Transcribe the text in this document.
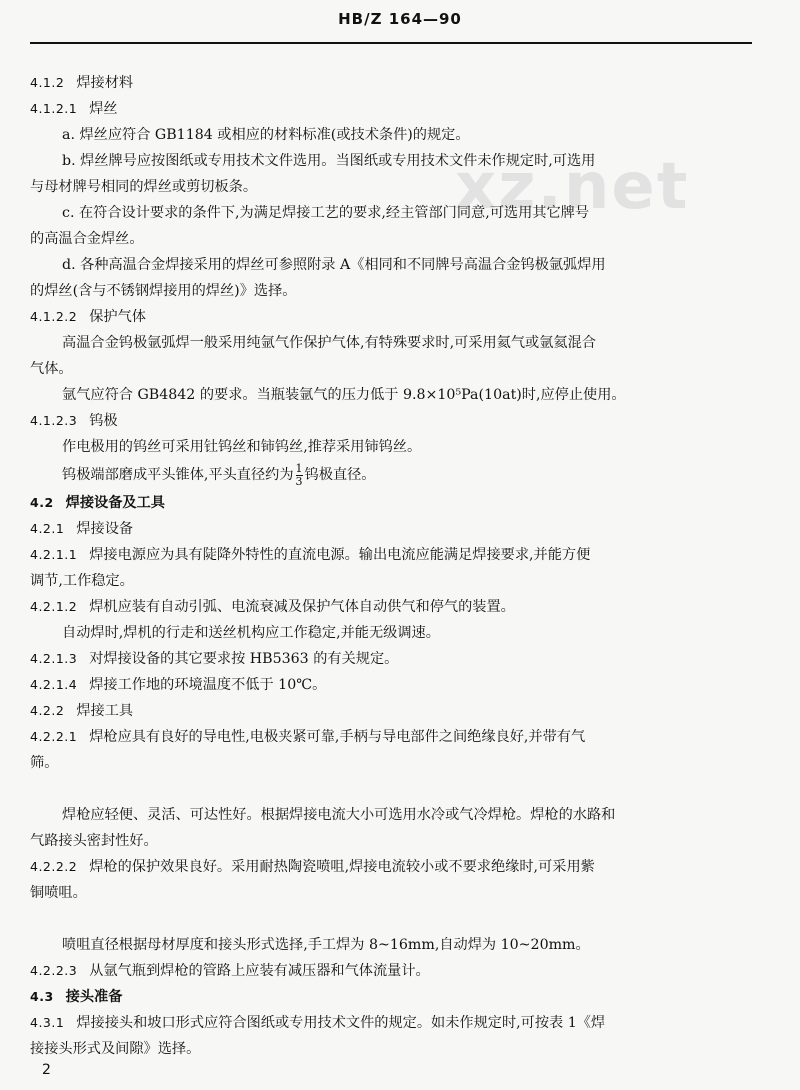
HB/Z 164—90
xz.net
4.1.2 焊接材料
4.1.2.1 焊丝
a. 焊丝应符合 GB1184 或相应的材料标准(或技术条件)的规定。
b. 焊丝牌号应按图纸或专用技术文件选用。当图纸或专用技术文件未作规定时,可选用
与母材牌号相同的焊丝或剪切板条。
c. 在符合设计要求的条件下,为满足焊接工艺的要求,经主管部门同意,可选用其它牌号
的高温合金焊丝。
d. 各种高温合金焊接采用的焊丝可参照附录 A《相同和不同牌号高温合金钨极氩弧焊用
的焊丝(含与不锈钢焊接用的焊丝)》选择。
4.1.2.2 保护气体
高温合金钨极氩弧焊一般采用纯氩气作保护气体,有特殊要求时,可采用氦气或氩氦混合
气体。
氩气应符合 GB4842 的要求。当瓶装氩气的压力低于 9.8×10⁵Pa(10at)时,应停止使用。
4.1.2.3 钨极
作电极用的钨丝可采用钍钨丝和铈钨丝,推荐采用铈钨丝。
钨极端部磨成平头锥体,平头直径约为 $\frac{1}{3}$ 钨极直径。
4.2 焊接设备及工具
4.2.1 焊接设备
4.2.1.1 焊接电源应为具有陡降外特性的直流电源。输出电流应能满足焊接要求,并能方便
调节,工作稳定。
4.2.1.2 焊机应装有自动引弧、电流衰减及保护气体自动供气和停气的装置。
自动焊时,焊机的行走和送丝机构应工作稳定,并能无级调速。
4.2.1.3 对焊接设备的其它要求按 HB5363 的有关规定。
4.2.1.4 焊接工作地的环境温度不低于 10℃。
4.2.2 焊接工具
4.2.2.1 焊枪应具有良好的导电性,电极夹紧可靠,手柄与导电部件之间绝缘良好,并带有气
筛。
焊枪应轻便、灵活、可达性好。根据焊接电流大小可选用水冷或气冷焊枪。焊枪的水路和
气路接头密封性好。
4.2.2.2 焊枪的保护效果良好。采用耐热陶瓷喷咀,焊接电流较小或不要求绝缘时,可采用紫
铜喷咀。
喷咀直径根据母材厚度和接头形式选择,手工焊为 8~16mm,自动焊为 10~20mm。
4.2.2.3 从氩气瓶到焊枪的管路上应装有减压器和气体流量计。
4.3 接头准备
4.3.1 焊接接头和坡口形式应符合图纸或专用技术文件的规定。如未作规定时,可按表 1《焊
接接头形式及间隙》选择。
2
